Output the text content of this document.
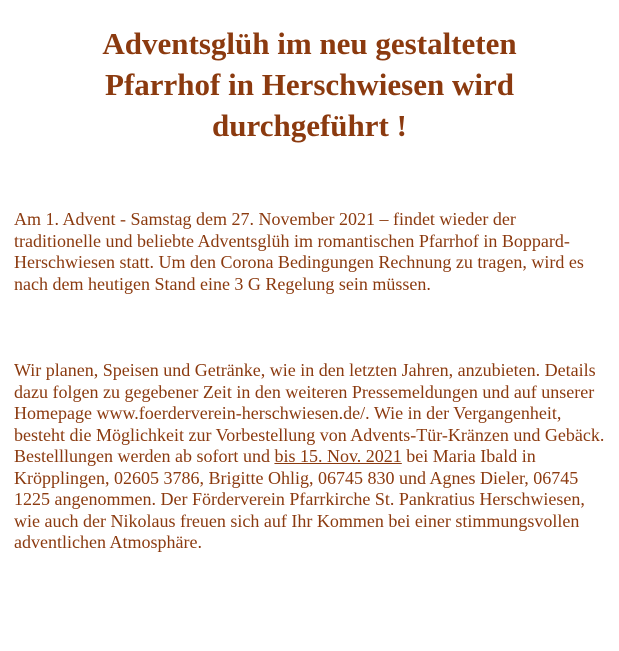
Adventsglüh im neu gestalteten
Pfarrhof in Herschwiesen wird
durchgeführt !

Am 1. Advent - Samstag dem 27. November 2021 – findet wieder der traditionelle und beliebte Adventsglüh im romantischen Pfarrhof in Boppard-Herschwiesen statt. Um den Corona Bedingungen Rechnung zu tragen, wird es nach dem heutigen Stand eine 3 G Regelung sein müssen.

Wir planen, Speisen und Getränke, wie in den letzten Jahren, anzubieten. Details dazu folgen zu gegebener Zeit in den weiteren Pressemeldungen und auf unserer Homepage www.foerderverein-herschwiesen.de/. Wie in der Vergangenheit, besteht die Möglichkeit zur Vorbestellung von Advents-Tür-Kränzen und Gebäck. Bestelllungen werden ab sofort und bis 15. Nov. 2021 bei Maria Ibald in Kröpplingen, 02605 3786, Brigitte Ohlig, 06745 830 und Agnes Dieler, 06745 1225 angenommen. Der Förderverein Pfarrkirche St. Pankratius Herschwiesen, wie auch der Nikolaus freuen sich auf Ihr Kommen bei einer stimmungsvollen adventlichen Atmosphäre.
